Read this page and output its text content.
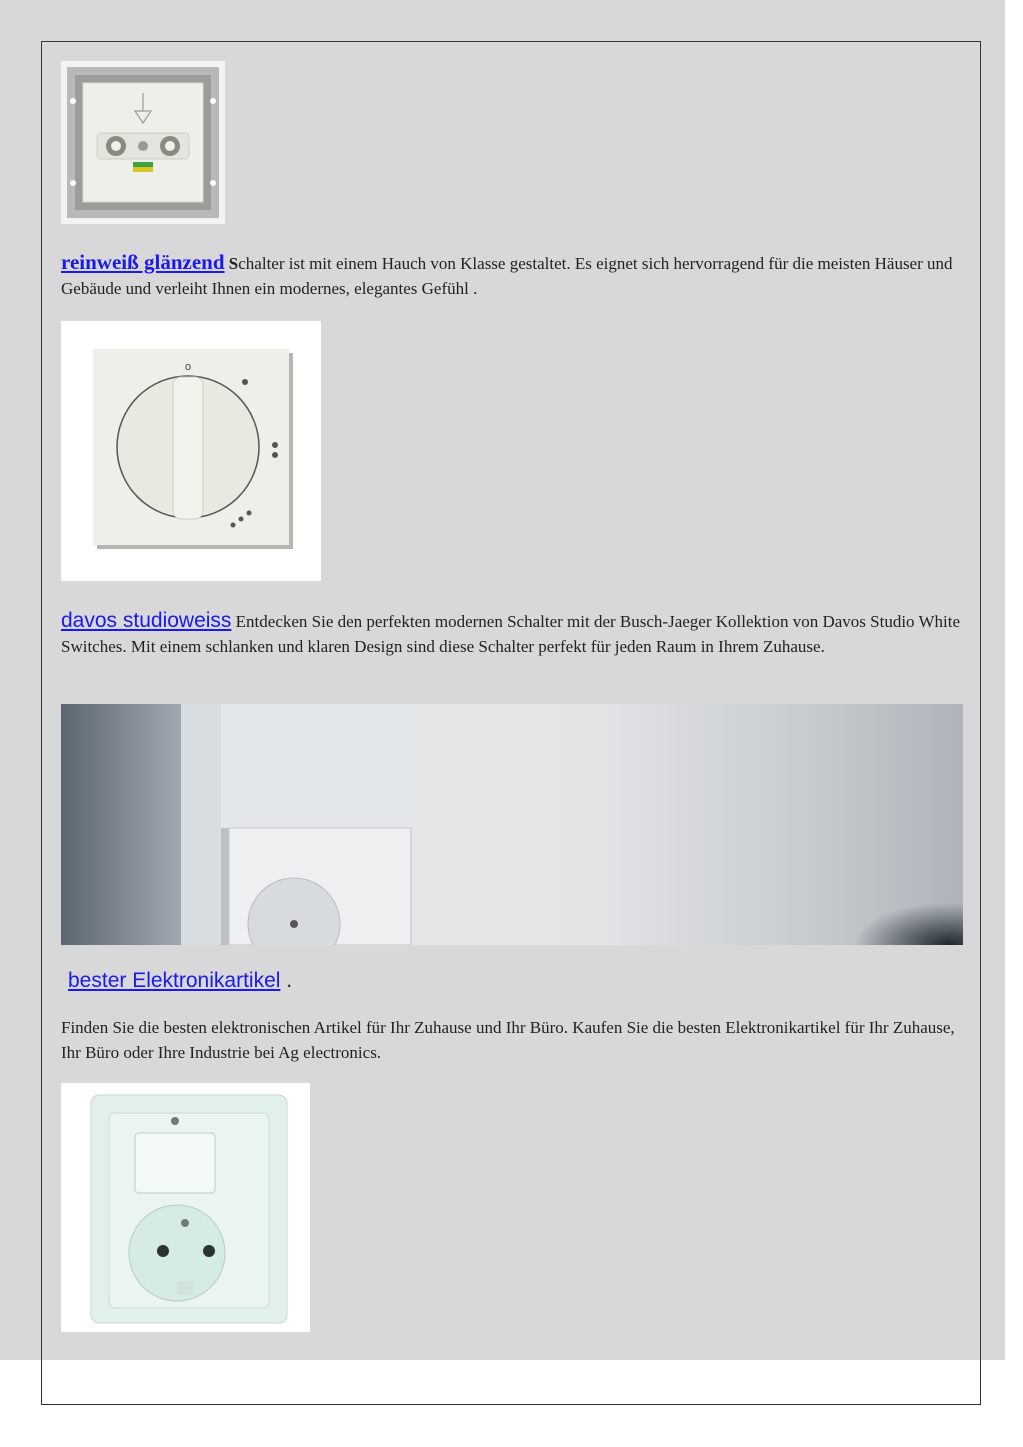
reinweiß glänzend Schalter ist mit einem Hauch von Klasse gestaltet. Es eignet sich hervorragend für die meisten Häuser und Gebäude und verleiht Ihnen ein modernes, elegantes Gefühl .
o
davos studioweiss Entdecken Sie den perfekten modernen Schalter mit der Busch-Jaeger Kollektion von Davos Studio White Switches. Mit einem schlanken und klaren Design sind diese Schalter perfekt für jeden Raum in Ihrem Zuhause.
bester Elektronikartikel .
Finden Sie die besten elektronischen Artikel für Ihr Zuhause und Ihr Büro. Kaufen Sie die besten Elektronikartikel für Ihr Zuhause, Ihr Büro oder Ihre Industrie bei Ag electronics.
